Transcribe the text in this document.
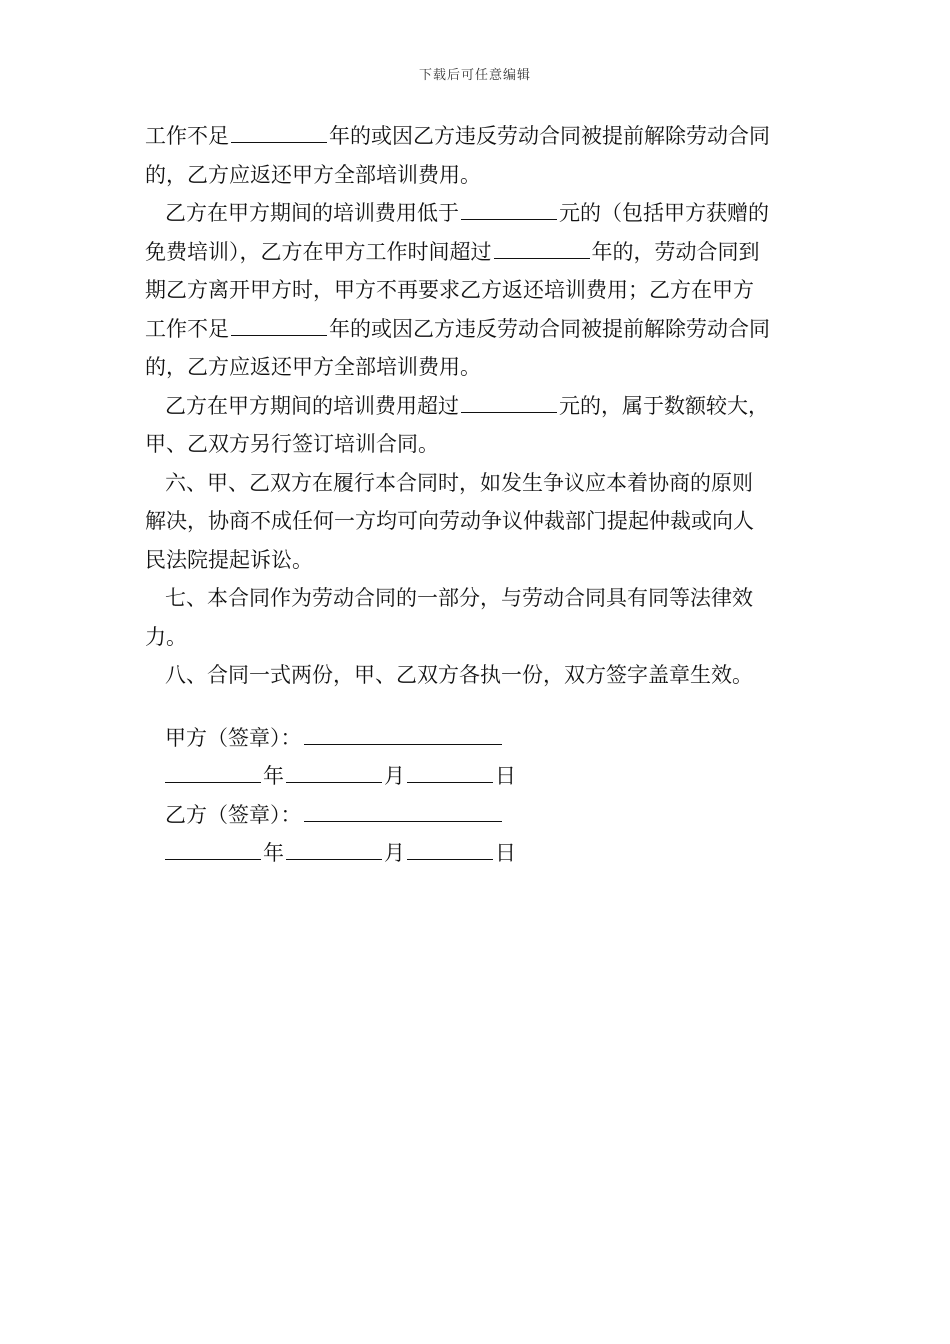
下载后可任意编辑
工作不足	年的或因乙方违反劳动合同被提前解除劳动合同
的，乙方应返还甲方全部培训费用。
乙方在甲方期间的培训费用低于	元的（包括甲方获赠的
免费培训），乙方在甲方工作时间超过	年的，劳动合同到
期乙方离开甲方时，甲方不再要求乙方返还培训费用；乙方在甲方
工作不足	年的或因乙方违反劳动合同被提前解除劳动合同
的，乙方应返还甲方全部培训费用。
乙方在甲方期间的培训费用超过	元的，属于数额较大，
甲、乙双方另行签订培训合同。
六、甲、乙双方在履行本合同时，如发生争议应本着协商的原则
解决，协商不成任何一方均可向劳动争议仲裁部门提起仲裁或向人
民法院提起诉讼。
七、本合同作为劳动合同的一部分，与劳动合同具有同等法律效
力。
八、合同一式两份，甲、乙双方各执一份，双方签字盖章生效。
甲方（签章）：
年	月	日
乙方（签章）：
年	月	日
